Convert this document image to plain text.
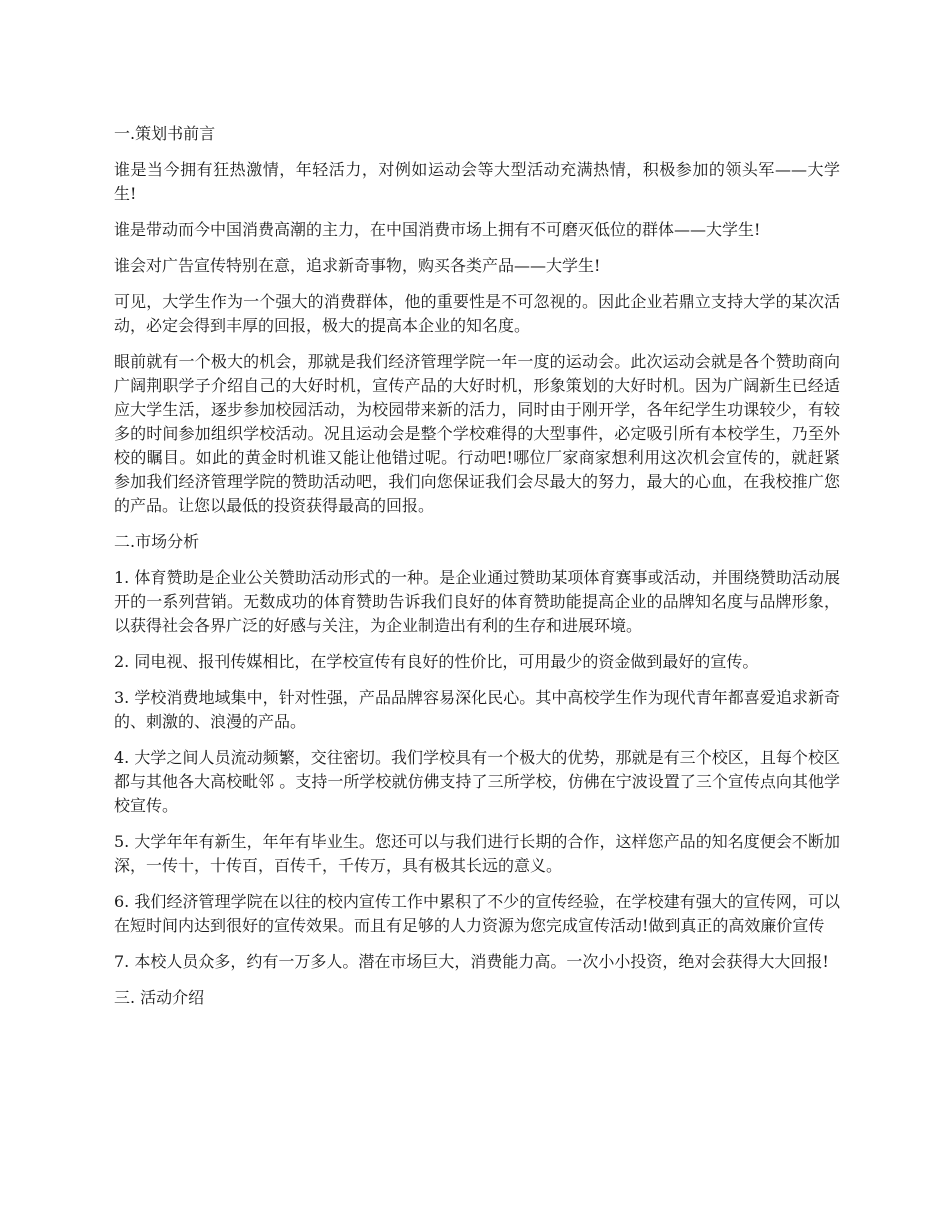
一.策划书前言

谁是当今拥有狂热激情，年轻活力，对例如运动会等大型活动充满热情，积极参加的领头军——大学生!

谁是带动而今中国消费高潮的主力，在中国消费市场上拥有不可磨灭低位的群体——大学生!

谁会对广告宣传特别在意，追求新奇事物，购买各类产品——大学生!

可见，大学生作为一个强大的消费群体，他的重要性是不可忽视的。因此企业若鼎立支持大学的某次活动，必定会得到丰厚的回报，极大的提高本企业的知名度。

眼前就有一个极大的机会，那就是我们经济管理学院一年一度的运动会。此次运动会就是各个赞助商向广阔荆职学子介绍自己的大好时机，宣传产品的大好时机，形象策划的大好时机。因为广阔新生已经适应大学生活，逐步参加校园活动，为校园带来新的活力，同时由于刚开学，各年纪学生功课较少，有较多的时间参加组织学校活动。况且运动会是整个学校难得的大型事件，必定吸引所有本校学生，乃至外校的瞩目。如此的黄金时机谁又能让他错过呢。行动吧!哪位厂家商家想利用这次机会宣传的，就赶紧参加我们经济管理学院的赞助活动吧，我们向您保证我们会尽最大的努力，最大的心血，在我校推广您的产品。让您以最低的投资获得最高的回报。

二.市场分析

1. 体育赞助是企业公关赞助活动形式的一种。是企业通过赞助某项体育赛事或活动，并围绕赞助活动展开的一系列营销。无数成功的体育赞助告诉我们良好的体育赞助能提高企业的品牌知名度与品牌形象，以获得社会各界广泛的好感与关注，为企业制造出有利的生存和进展环境。

2. 同电视、报刊传媒相比，在学校宣传有良好的性价比，可用最少的资金做到最好的宣传。

3. 学校消费地域集中，针对性强，产品品牌容易深化民心。其中高校学生作为现代青年都喜爱追求新奇的、刺激的、浪漫的产品。

4. 大学之间人员流动频繁，交往密切。我们学校具有一个极大的优势，那就是有三个校区，且每个校区都与其他各大高校毗邻 。支持一所学校就仿佛支持了三所学校，仿佛在宁波设置了三个宣传点向其他学校宣传。

5. 大学年年有新生，年年有毕业生。您还可以与我们进行长期的合作，这样您产品的知名度便会不断加深，一传十，十传百，百传千，千传万，具有极其长远的意义。

6. 我们经济管理学院在以往的校内宣传工作中累积了不少的宣传经验，在学校建有强大的宣传网，可以在短时间内达到很好的宣传效果。而且有足够的人力资源为您完成宣传活动!做到真正的高效廉价宣传

7. 本校人员众多，约有一万多人。潜在市场巨大，消费能力高。一次小小投资，绝对会获得大大回报!

三. 活动介绍
